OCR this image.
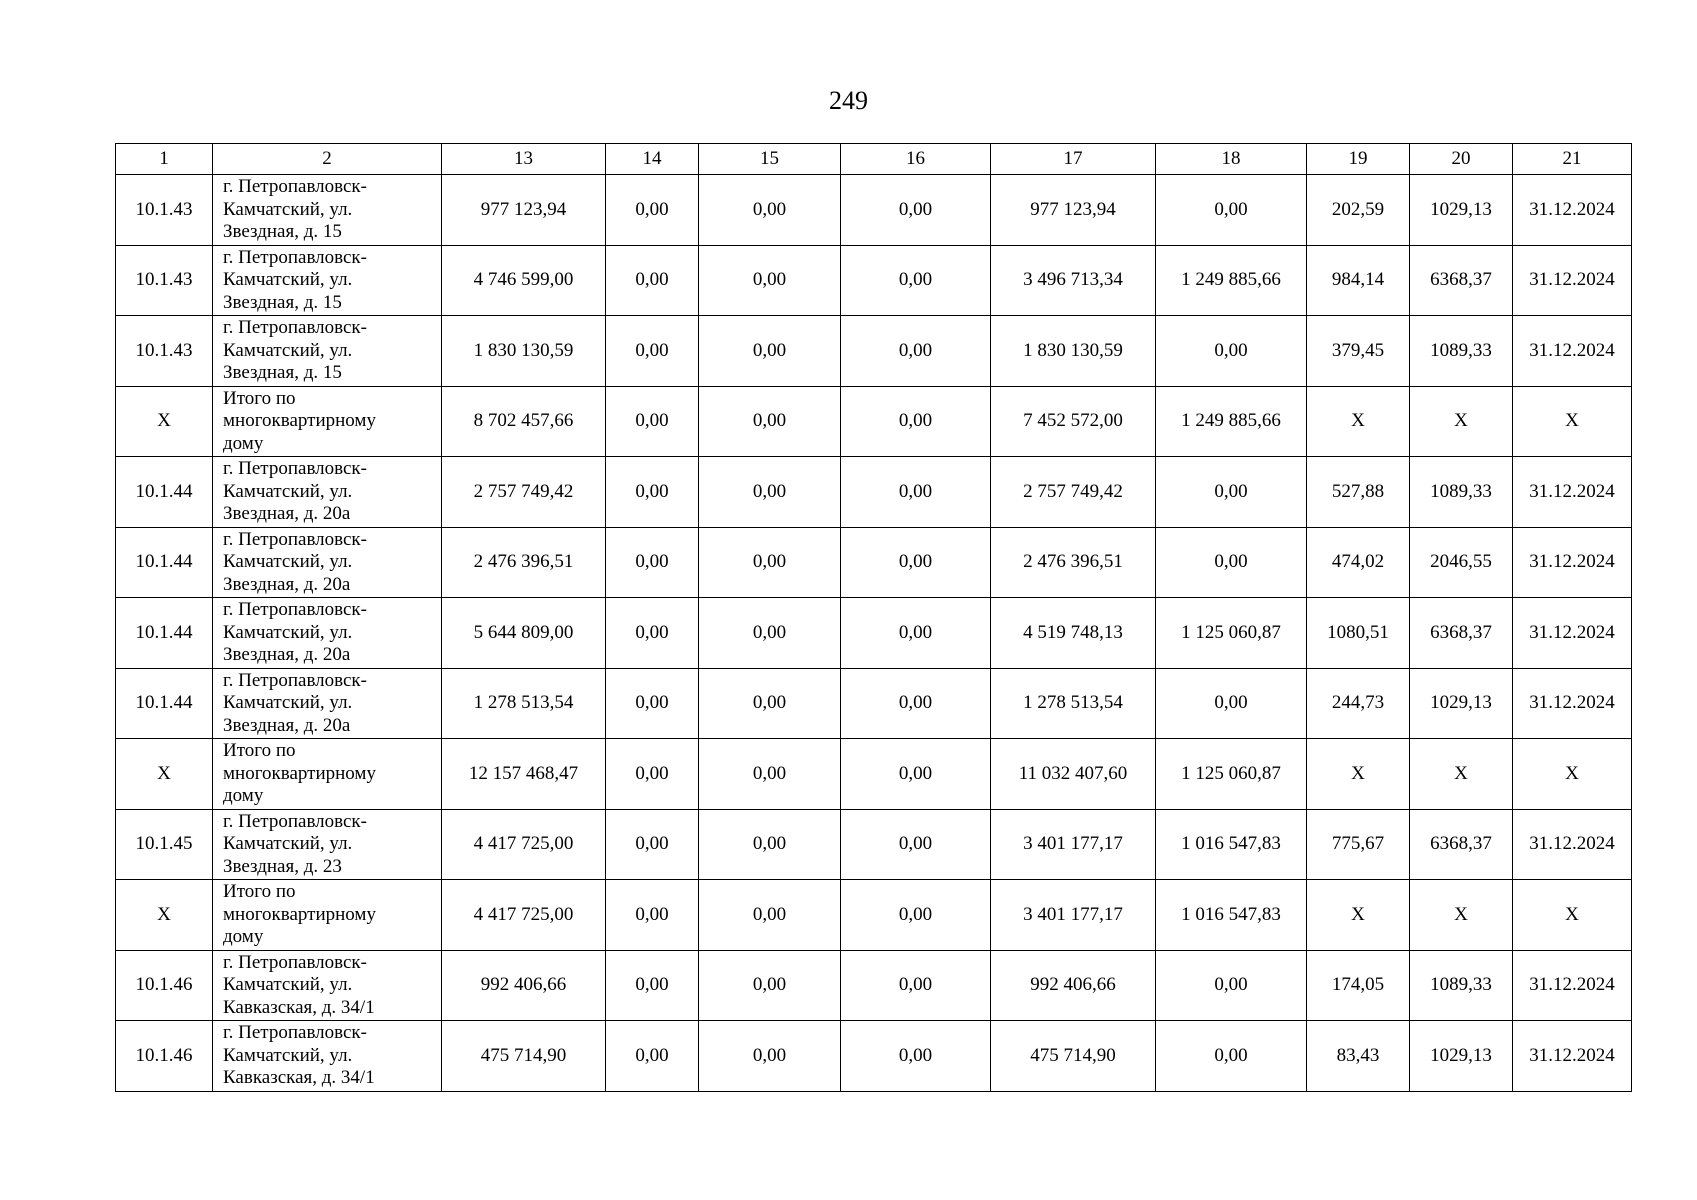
249
1	2	13	14	15	16	17	18	19	20	21
10.1.43	г. Петропавловск-
Камчатский, ул.
Звездная, д. 15	977 123,94	0,00	0,00	0,00	977 123,94	0,00	202,59	1029,13	31.12.2024
10.1.43	г. Петропавловск-
Камчатский, ул.
Звездная, д. 15	4 746 599,00	0,00	0,00	0,00	3 496 713,34	1 249 885,66	984,14	6368,37	31.12.2024
10.1.43	г. Петропавловск-
Камчатский, ул.
Звездная, д. 15	1 830 130,59	0,00	0,00	0,00	1 830 130,59	0,00	379,45	1089,33	31.12.2024
X	Итого по
многоквартирному
дому	8 702 457,66	0,00	0,00	0,00	7 452 572,00	1 249 885,66	X	X	X
10.1.44	г. Петропавловск-
Камчатский, ул.
Звездная, д. 20а	2 757 749,42	0,00	0,00	0,00	2 757 749,42	0,00	527,88	1089,33	31.12.2024
10.1.44	г. Петропавловск-
Камчатский, ул.
Звездная, д. 20а	2 476 396,51	0,00	0,00	0,00	2 476 396,51	0,00	474,02	2046,55	31.12.2024
10.1.44	г. Петропавловск-
Камчатский, ул.
Звездная, д. 20а	5 644 809,00	0,00	0,00	0,00	4 519 748,13	1 125 060,87	1080,51	6368,37	31.12.2024
10.1.44	г. Петропавловск-
Камчатский, ул.
Звездная, д. 20а	1 278 513,54	0,00	0,00	0,00	1 278 513,54	0,00	244,73	1029,13	31.12.2024
X	Итого по
многоквартирному
дому	12 157 468,47	0,00	0,00	0,00	11 032 407,60	1 125 060,87	X	X	X
10.1.45	г. Петропавловск-
Камчатский, ул.
Звездная, д. 23	4 417 725,00	0,00	0,00	0,00	3 401 177,17	1 016 547,83	775,67	6368,37	31.12.2024
X	Итого по
многоквартирному
дому	4 417 725,00	0,00	0,00	0,00	3 401 177,17	1 016 547,83	X	X	X
10.1.46	г. Петропавловск-
Камчатский, ул.
Кавказская, д. 34/1	992 406,66	0,00	0,00	0,00	992 406,66	0,00	174,05	1089,33	31.12.2024
10.1.46	г. Петропавловск-
Камчатский, ул.
Кавказская, д. 34/1	475 714,90	0,00	0,00	0,00	475 714,90	0,00	83,43	1029,13	31.12.2024
